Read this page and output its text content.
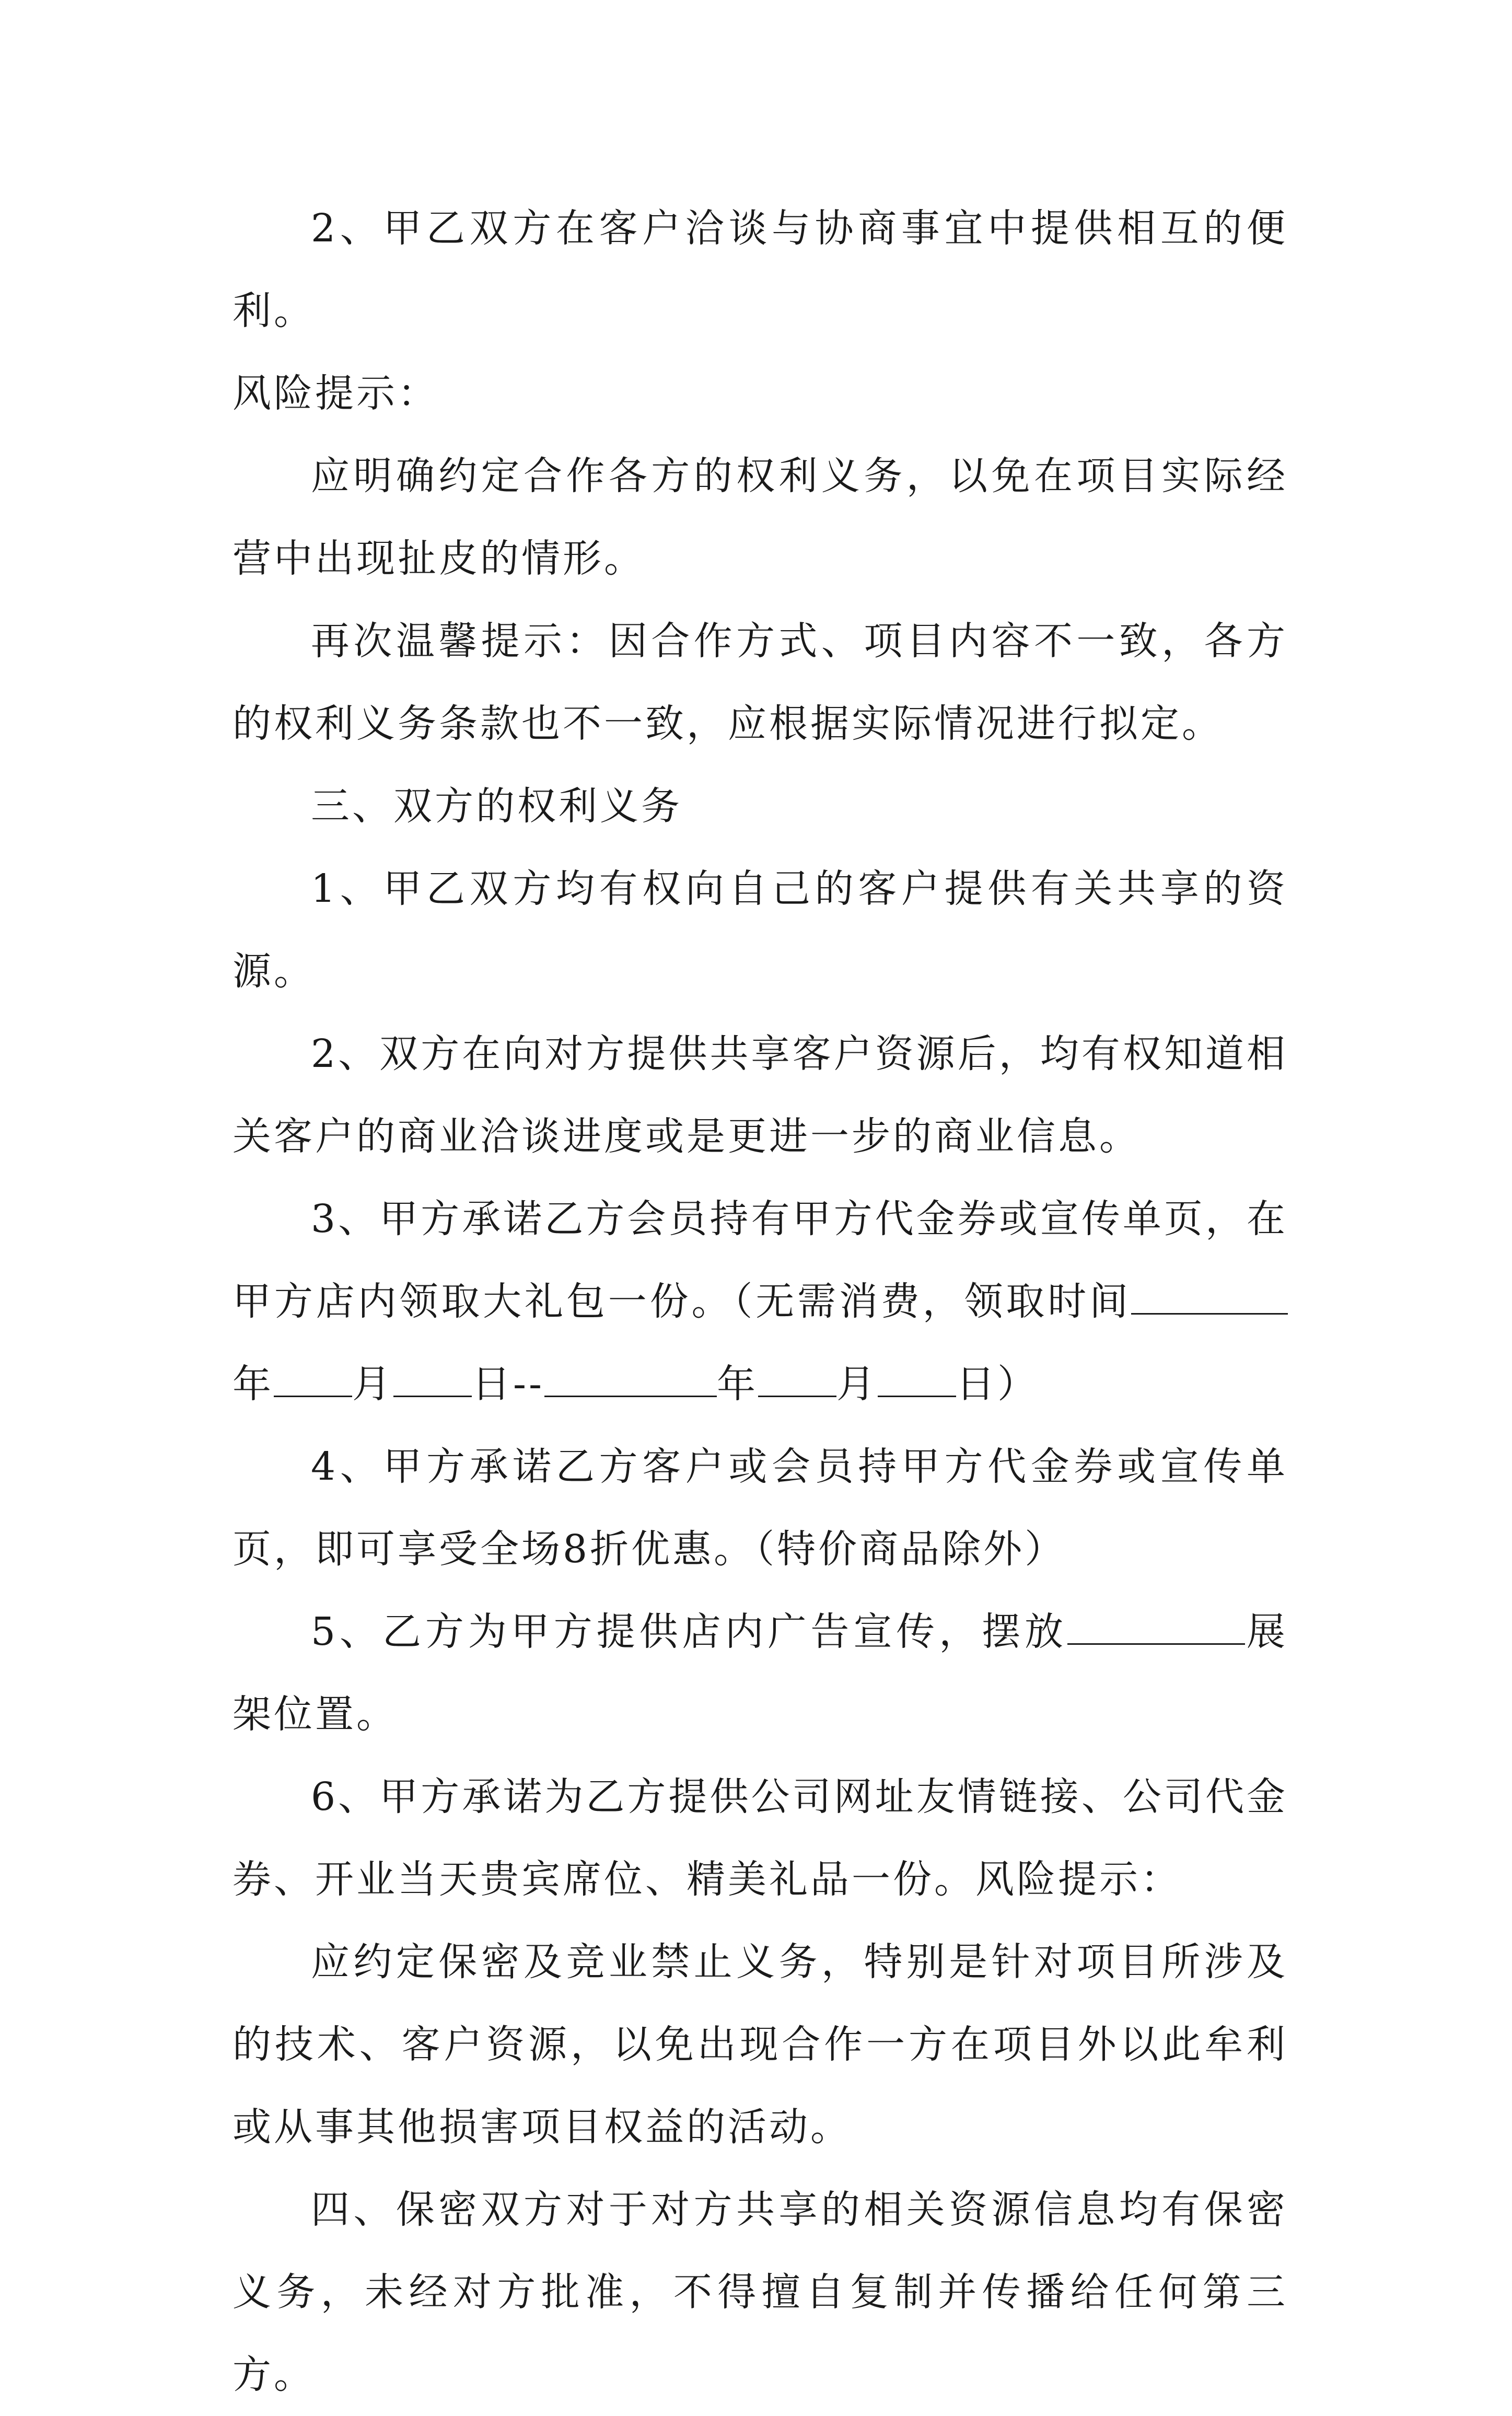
2、甲乙双方在客户洽谈与协商事宜中提供相互的便利。

风险提示：

应明确约定合作各方的权利义务，以免在项目实际经营中出现扯皮的情形。

再次温馨提示：因合作方式、项目内容不一致，各方的权利义务条款也不一致，应根据实际情况进行拟定。

三、双方的权利义务

1、甲乙双方均有权向自己的客户提供有关共享的资源。

2、双方在向对方提供共享客户资源后，均有权知道相关客户的商业洽谈进度或是更进一步的商业信息。

3、甲方承诺乙方会员持有甲方代金券或宣传单页，在甲方店内领取大礼包一份。（无需消费，领取时间年 月 日--	年 月 日）

4、甲方承诺乙方客户或会员持甲方代金券或宣传单页，即可享受全场8折优惠。（特价商品除外）

5、乙方为甲方提供店内广告宣传，摆放	展架位置。

6、甲方承诺为乙方提供公司网址友情链接、公司代金券、开业当天贵宾席位、精美礼品一份。风险提示：

应约定保密及竞业禁止义务，特别是针对项目所涉及的技术、客户资源，以免出现合作一方在项目外以此牟利或从事其他损害项目权益的活动。

四、保密双方对于对方共享的相关资源信息均有保密义务，未经对方批准，不得擅自复制并传播给任何第三方。
